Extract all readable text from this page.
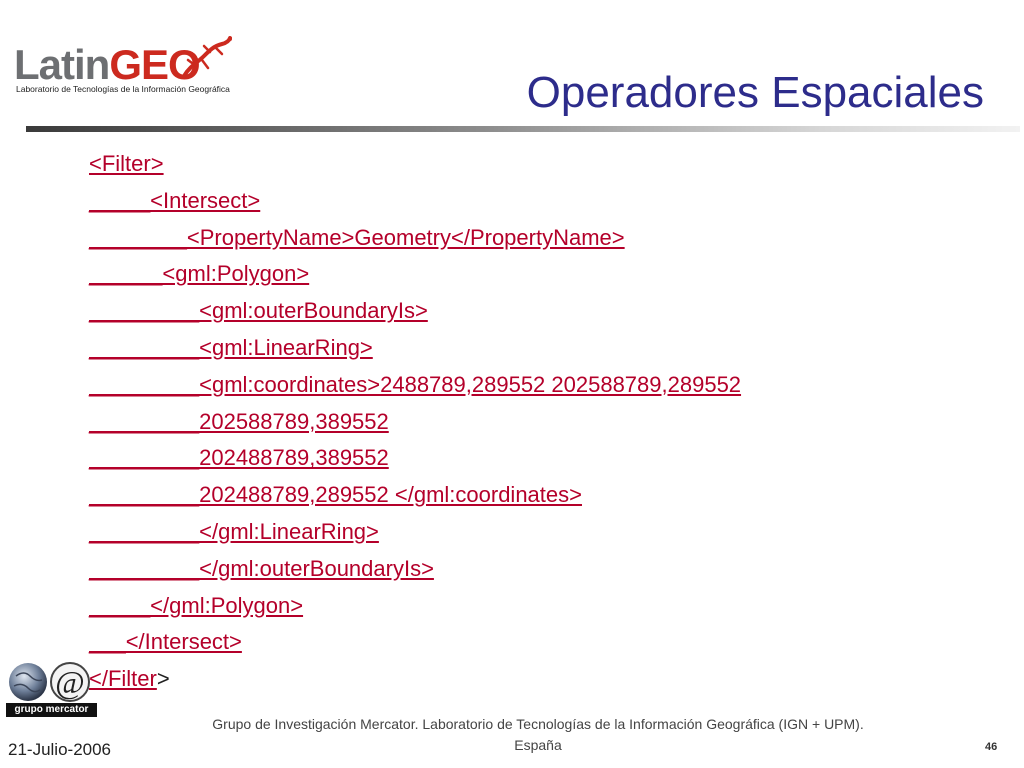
LatinGEO
Laboratorio de Tecnologías de la Información Geográfica	Operadores Espaciales
<Filter>
_____<Intersect>
________<PropertyName>Geometry</PropertyName>
______<gml:Polygon>
_________<gml:outerBoundaryIs>
_________<gml:LinearRing>
_________<gml:coordinates>2488789,289552 202588789,289552
_________202588789,389552
_________202488789,389552
_________202488789,289552 </gml:coordinates>
_________</gml:LinearRing>
_________</gml:outerBoundaryIs>
_____</gml:Polygon>
___</Intersect>
</Filter>
@
grupo mercator
Grupo de Investigación Mercator. Laboratorio de Tecnologías de la Información Geográfica (IGN + UPM).
España
21-Julio-2006	46
